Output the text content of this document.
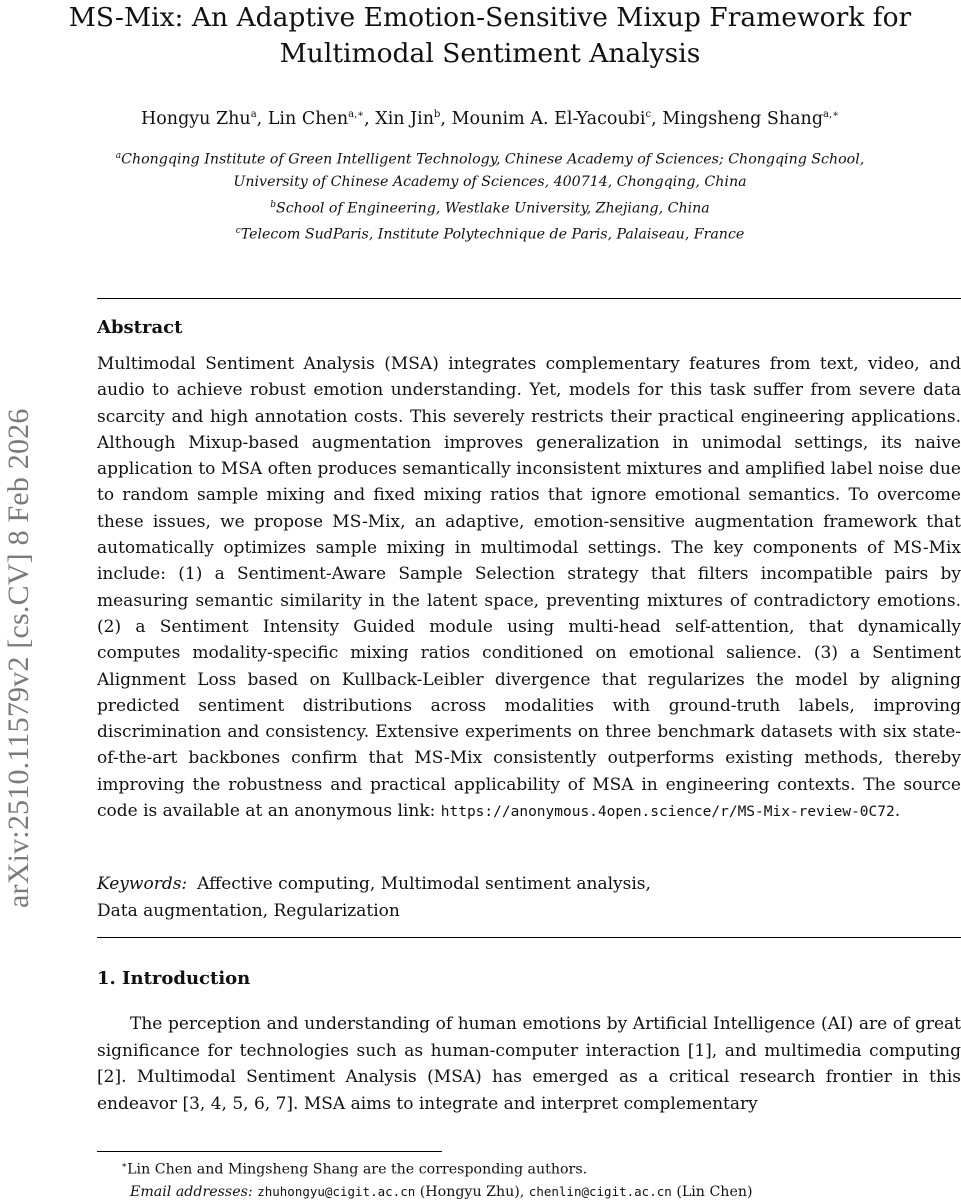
MS-Mix: An Adaptive Emotion-Sensitive Mixup Framework for
Multimodal Sentiment Analysis
Hongyu Zhu$^a$, Lin Chen$^{a,∗}$, Xin Jin$^b$, Mounim A. El-Yacoubi$^c$, Mingsheng Shang$^{a,∗}$
$^a$Chongqing Institute of Green Intelligent Technology, Chinese Academy of Sciences; Chongqing School,
University of Chinese Academy of Sciences, 400714, Chongqing, China
$^b$School of Engineering, Westlake University, Zhejiang, China
$^c$Telecom SudParis, Institute Polytechnique de Paris, Palaiseau, France
arXiv:2510.11579v2 [cs.CV] 8 Feb 2026
Abstract

Multimodal Sentiment Analysis (MSA) integrates complementary features from text, video, and audio to achieve robust emotion understanding. Yet, models for this task suffer from severe data scarcity and high annotation costs. This severely restricts their practical engineering applications. Although Mixup-based augmentation improves generalization in unimodal settings, its naive application to MSA often produces semantically inconsistent mixtures and amplified label noise due to random sample mixing and fixed mixing ratios that ignore emotional semantics. To overcome these issues, we propose MS-Mix, an adaptive, emotion-sensitive augmentation framework that automatically optimizes sample mixing in multimodal settings. The key components of MS-Mix include: (1) a Sentiment-Aware Sample Selection strategy that filters incompatible pairs by measuring semantic similarity in the latent space, preventing mixtures of contradictory emotions. (2) a Sentiment Intensity Guided module using multi-head self-attention, that dynamically computes modality-specific mixing ratios conditioned on emotional salience. (3) a Sentiment Alignment Loss based on Kullback-Leibler divergence that regularizes the model by aligning predicted sentiment distributions across modalities with ground-truth labels, improving discrimination and consistency. Extensive experiments on three benchmark datasets with six state-of-the-art backbones confirm that MS-Mix consistently outperforms existing methods, thereby improving the robustness and practical applicability of MSA in engineering contexts. The source code is available at an anonymous link: https://anonymous.4open.science/r/MS-Mix-review-0C72.

Keywords: Affective computing, Multimodal sentiment analysis,
Data augmentation, Regularization
1. Introduction

The perception and understanding of human emotions by Artificial Intelligence (AI) are of great significance for technologies such as human-computer interaction [1], and multimedia computing [2]. Multimodal Sentiment Analysis (MSA) has emerged as a critical research frontier in this endeavor [3, 4, 5, 6, 7]. MSA aims to integrate and interpret complementary

∗Lin Chen and Mingsheng Shang are the corresponding authors.
Email addresses: zhuhongyu@cigit.ac.cn (Hongyu Zhu), chenlin@cigit.ac.cn (Lin Chen)
